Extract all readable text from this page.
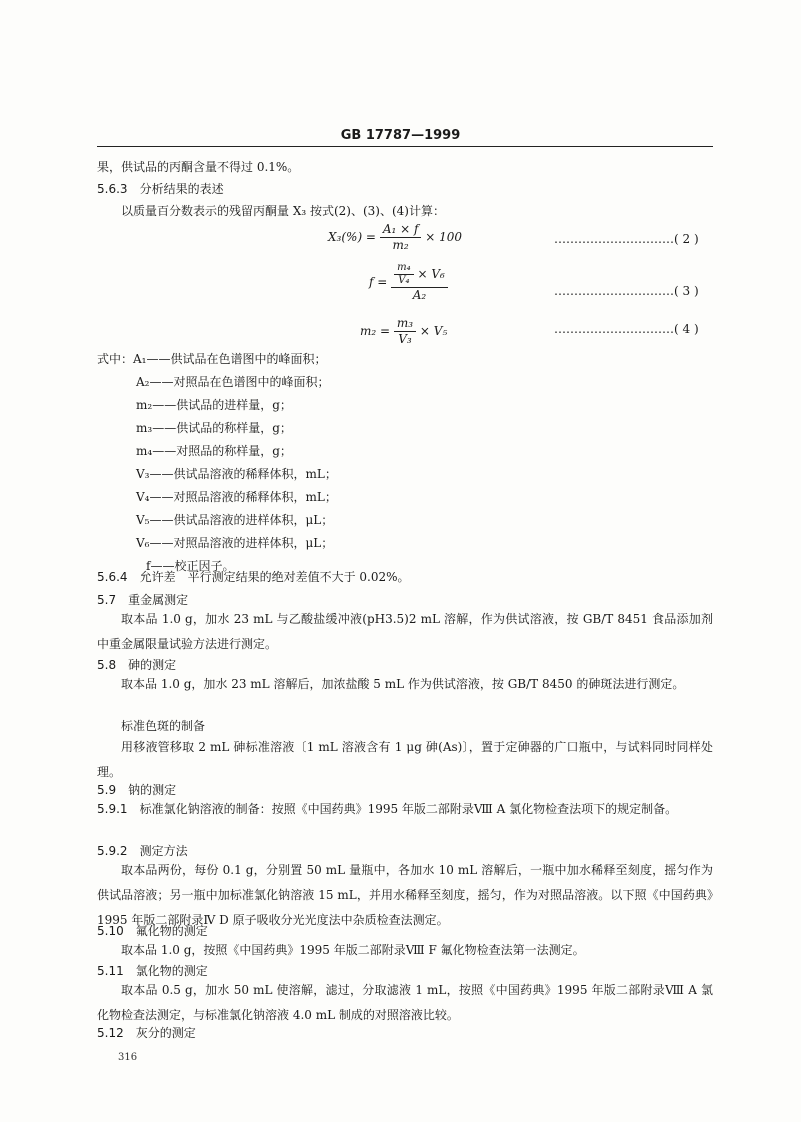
GB 17787—1999
果，供试品的丙酮含量不得过 0.1%。
5.6.3　 分析结果的表述
以质量百分数表示的残留丙酮量 X₃ 按式(2)、(3)、(4)计算：
$X_3(\%) = \frac{\text{A₁ × f}}{\text{m₂}} \times 100$	…………………………( 2 )
$f = \frac{\frac{\text{m₄}}{\text{V₄}} \times V_6}{\text{A₂}}$	…………………………( 3 )
$m_2 = \frac{\text{m₃}}{\text{V₃}} \times V_5$	…………………………( 4 )
式中：A₁——供试品在色谱图中的峰面积；
A₂——对照品在色谱图中的峰面积；
m₂——供试品的进样量，g；
m₃——供试品的称样量，g；
m₄——对照品的称样量，g；
V₃——供试品溶液的稀释体积，mL；
V₄——对照品溶液的稀释体积，mL；
V₅——供试品溶液的进样体积，μL；
V₆——对照品溶液的进样体积，μL；
f——校正因子。
5.6.4　 允许差　平行测定结果的绝对差值不大于 0.02%。
5.7　 重金属测定
取本品 1.0 g，加水 23 mL 与乙酸盐缓冲液(pH3.5)2 mL 溶解，作为供试溶液，按 GB/T 8451 食品添加剂中重金属限量试验方法进行测定。
5.8　 砷的测定
取本品 1.0 g，加水 23 mL 溶解后，加浓盐酸 5 mL 作为供试溶液，按 GB/T 8450 的砷斑法进行测定。
标准色斑的制备
用移液管移取 2 mL 砷标准溶液〔1 mL 溶液含有 1 μg 砷(As)〕，置于定砷器的广口瓶中，与试料同时同样处理。
5.9　 钠的测定
5.9.1　 标准氯化钠溶液的制备：按照《中国药典》1995 年版二部附录Ⅷ A 氯化物检查法项下的规定制备。
5.9.2　 测定方法
取本品两份，每份 0.1 g，分别置 50 mL 量瓶中，各加水 10 mL 溶解后，一瓶中加水稀释至刻度，摇匀作为供试品溶液；另一瓶中加标准氯化钠溶液 15 mL，并用水稀释至刻度，摇匀，作为对照品溶液。以下照《中国药典》1995 年版二部附录Ⅳ D 原子吸收分光光度法中杂质检查法测定。
5.10　 氟化物的测定
取本品 1.0 g，按照《中国药典》1995 年版二部附录Ⅷ F 氟化物检查法第一法测定。
5.11　 氯化物的测定
取本品 0.5 g，加水 50 mL 使溶解，滤过，分取滤液 1 mL，按照《中国药典》1995 年版二部附录Ⅷ A 氯化物检查法测定，与标准氯化钠溶液 4.0 mL 制成的对照溶液比较。
5.12　 灰分的测定
316
